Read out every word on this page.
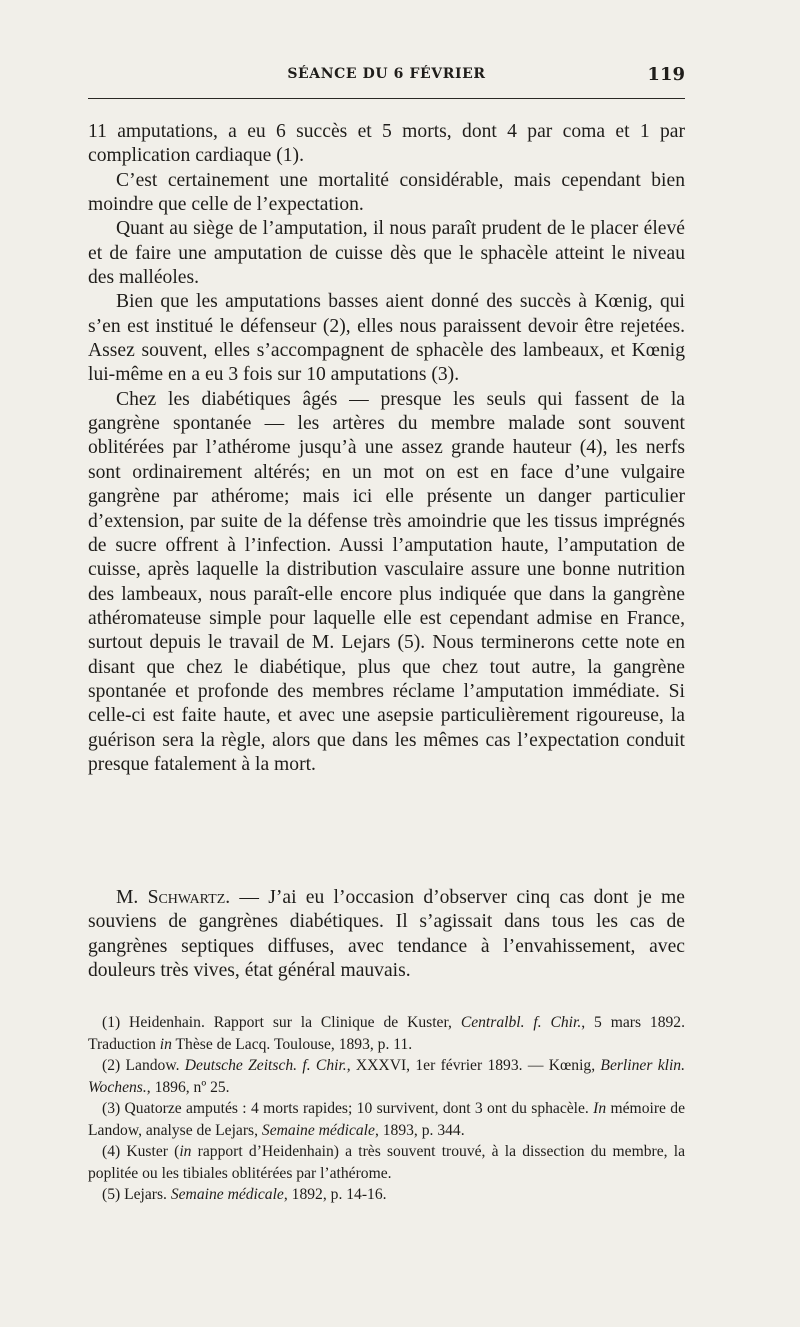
SÉANCE DU 6 FÉVRIER	119

11 amputations, a eu 6 succès et 5 morts, dont 4 par coma et 1 par complication cardiaque (1).

C’est certainement une mortalité considérable, mais cependant bien moindre que celle de l’expectation.

Quant au siège de l’amputation, il nous paraît prudent de le placer élevé et de faire une amputation de cuisse dès que le sphacèle atteint le niveau des malléoles.

Bien que les amputations basses aient donné des succès à Kœnig, qui s’en est institué le défenseur (2), elles nous paraissent devoir être rejetées. Assez souvent, elles s’accompagnent de sphacèle des lambeaux, et Kœnig lui-même en a eu 3 fois sur 10 amputations (3).

Chez les diabétiques âgés — presque les seuls qui fassent de la gangrène spontanée — les artères du membre malade sont souvent oblitérées par l’athérome jusqu’à une assez grande hauteur (4), les nerfs sont ordinairement altérés; en un mot on est en face d’une vulgaire gangrène par athérome; mais ici elle présente un danger particulier d’extension, par suite de la défense très amoindrie que les tissus imprégnés de sucre offrent à l’infection. Aussi l’amputation haute, l’amputation de cuisse, après laquelle la distribution vasculaire assure une bonne nutrition des lambeaux, nous paraît-elle encore plus indiquée que dans la gangrène athéromateuse simple pour laquelle elle est cependant admise en France, surtout depuis le travail de M. Lejars (5). Nous terminerons cette note en disant que chez le diabétique, plus que chez tout autre, la gangrène spontanée et profonde des membres réclame l’amputation immédiate. Si celle-ci est faite haute, et avec une asepsie particulièrement rigoureuse, la guérison sera la règle, alors que dans les mêmes cas l’expectation conduit presque fatalement à la mort.

M. Schwartz. — J’ai eu l’occasion d’observer cinq cas dont je me souviens de gangrènes diabétiques. Il s’agissait dans tous les cas de gangrènes septiques diffuses, avec tendance à l’envahissement, avec douleurs très vives, état général mauvais.

(1) Heidenhain. Rapport sur la Clinique de Kuster, Centralbl. f. Chir., 5 mars 1892. Traduction in Thèse de Lacq. Toulouse, 1893, p. 11.

(2) Landow. Deutsche Zeitsch. f. Chir., XXXVI, 1er février 1893. — Kœnig, Berliner klin. Wochens., 1896, nº 25.

(3) Quatorze amputés : 4 morts rapides; 10 survivent, dont 3 ont du sphacèle. In mémoire de Landow, analyse de Lejars, Semaine médicale, 1893, p. 344.

(4) Kuster (in rapport d’Heidenhain) a très souvent trouvé, à la dissection du membre, la poplitée ou les tibiales oblitérées par l’athérome.

(5) Lejars. Semaine médicale, 1892, p. 14-16.
